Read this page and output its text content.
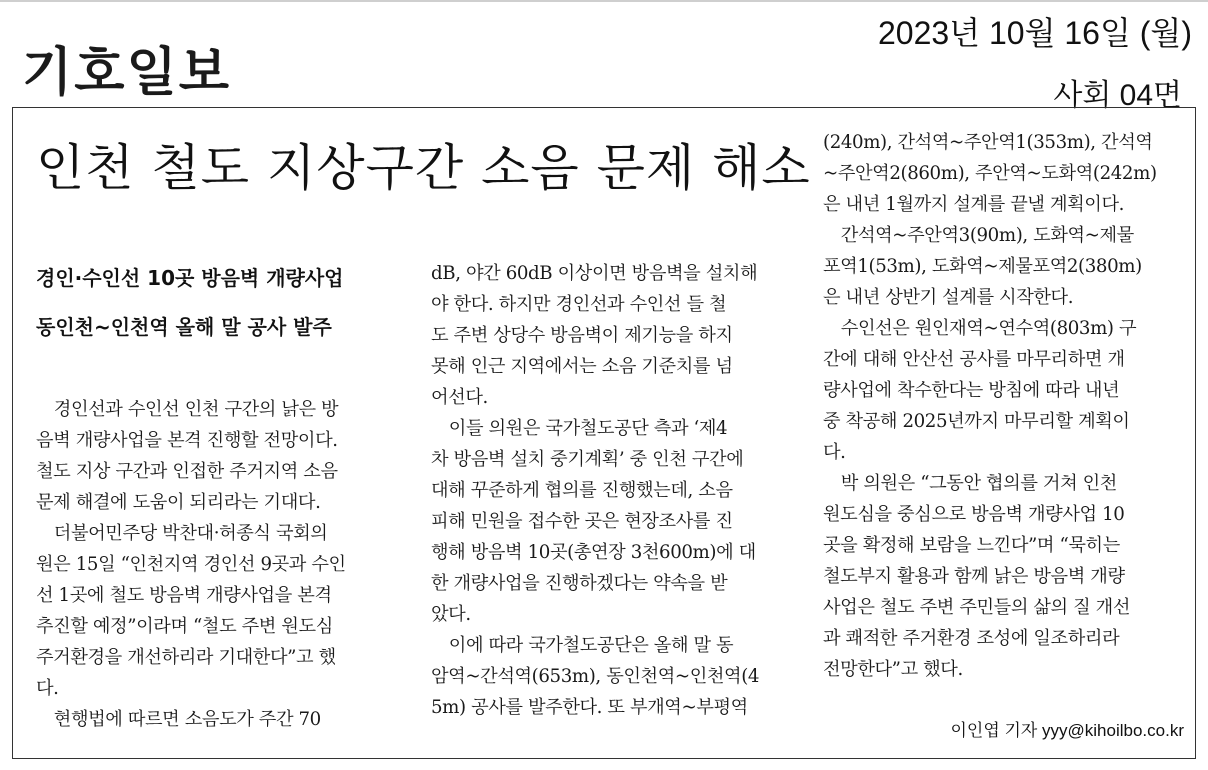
기호일보
2023년 10월 16일 (월)
사회 04면
인천 철도 지상구간 소음 문제 해소
경인·수인선 10곳 방음벽 개량사업
동인천~인천역 올해 말 공사 발주
　경인선과 수인선 인천 구간의 낡은 방
음벽 개량사업을 본격 진행할 전망이다.
철도 지상 구간과 인접한 주거지역 소음
문제 해결에 도움이 되리라는 기대다.
　더불어민주당 박찬대·허종식 국회의
원은 15일 “인천지역 경인선 9곳과 수인
선 1곳에 철도 방음벽 개량사업을 본격
추진할 예정”이라며 “철도 주변 원도심
주거환경을 개선하리라 기대한다”고 했
다.
　현행법에 따르면 소음도가 주간 70
dB, 야간 60dB 이상이면 방음벽을 설치해
야 한다. 하지만 경인선과 수인선 들 철
도 주변 상당수 방음벽이 제기능을 하지
못해 인근 지역에서는 소음 기준치를 넘
어선다.
　이들 의원은 국가철도공단 측과 ‘제4
차 방음벽 설치 중기계획’ 중 인천 구간에
대해 꾸준하게 협의를 진행했는데, 소음
피해 민원을 접수한 곳은 현장조사를 진
행해 방음벽 10곳(총연장 3천600m)에 대
한 개량사업을 진행하겠다는 약속을 받
았다.
　이에 따라 국가철도공단은 올해 말 동
암역~간석역(653m), 동인천역~인천역(4
5m) 공사를 발주한다. 또 부개역~부평역
(240m), 간석역~주안역1(353m), 간석역
~주안역2(860m), 주안역~도화역(242m)
은 내년 1월까지 설계를 끝낼 계획이다.
　간석역~주안역3(90m), 도화역~제물
포역1(53m), 도화역~제물포역2(380m)
은 내년 상반기 설계를 시작한다.
　수인선은 원인재역~연수역(803m) 구
간에 대해 안산선 공사를 마무리하면 개
량사업에 착수한다는 방침에 따라 내년
중 착공해 2025년까지 마무리할 계획이
다.
　박 의원은 “그동안 협의를 거쳐 인천
원도심을 중심으로 방음벽 개량사업 10
곳을 확정해 보람을 느낀다”며 “묵히는
철도부지 활용과 함께 낡은 방음벽 개량
사업은 철도 주변 주민들의 삶의 질 개선
과 쾌적한 주거환경 조성에 일조하리라
전망한다”고 했다.
이인엽 기자 yyy@kihoilbo.co.kr
